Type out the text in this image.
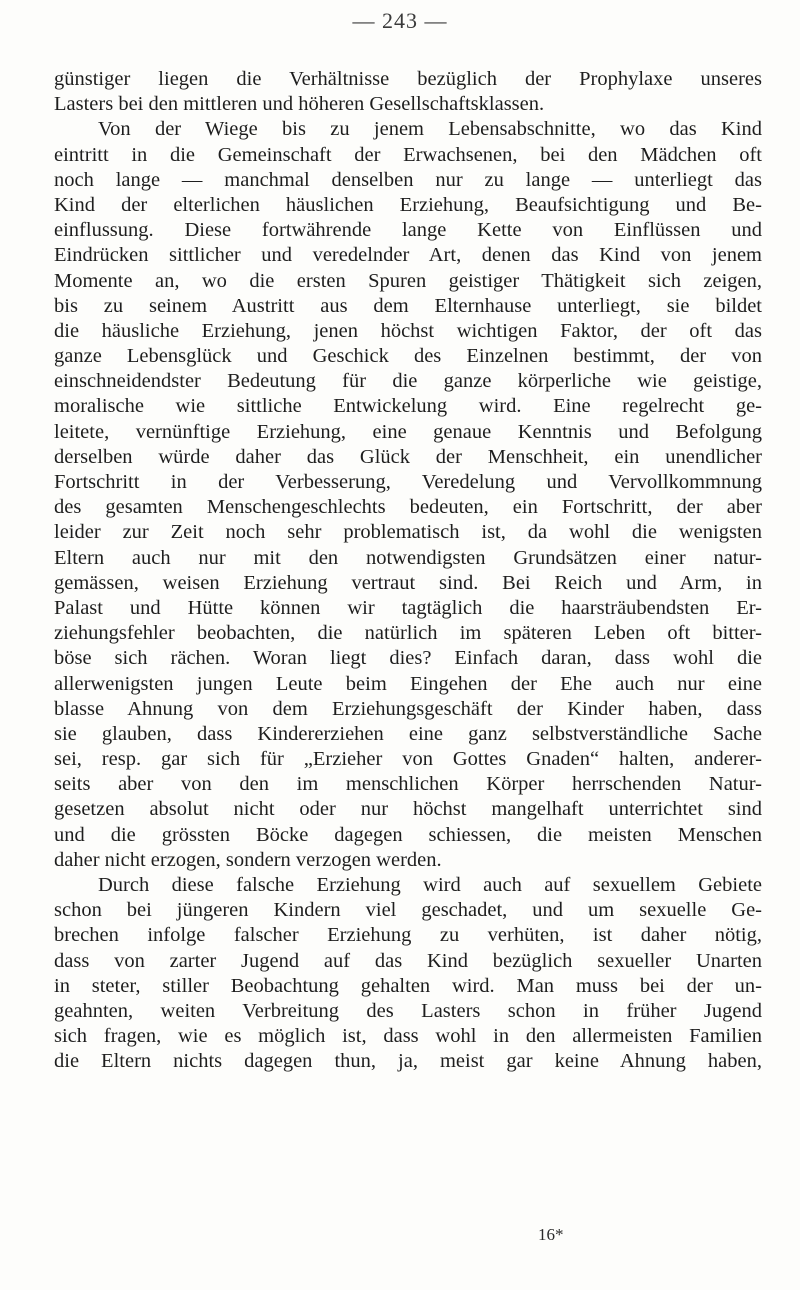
— 243 —
günstiger liegen die Verhältnisse bezüglich der Prophylaxe unseres
Lasters bei den mittleren und höheren Gesellschaftsklassen.
Von der Wiege bis zu jenem Lebensabschnitte, wo das Kind
eintritt in die Gemeinschaft der Erwachsenen, bei den Mädchen oft
noch lange — manchmal denselben nur zu lange — unterliegt das
Kind der elterlichen häuslichen Erziehung, Beaufsichtigung und Be-
einflussung. Diese fortwährende lange Kette von Einflüssen und
Eindrücken sittlicher und veredelnder Art, denen das Kind von jenem
Momente an, wo die ersten Spuren geistiger Thätigkeit sich zeigen,
bis zu seinem Austritt aus dem Elternhause unterliegt, sie bildet
die häusliche Erziehung, jenen höchst wichtigen Faktor, der oft das
ganze Lebensglück und Geschick des Einzelnen bestimmt, der von
einschneidendster Bedeutung für die ganze körperliche wie geistige,
moralische wie sittliche Entwickelung wird. Eine regelrecht ge-
leitete, vernünftige Erziehung, eine genaue Kenntnis und Befolgung
derselben würde daher das Glück der Menschheit, ein unendlicher
Fortschritt in der Verbesserung, Veredelung und Vervollkommnung
des gesamten Menschengeschlechts bedeuten, ein Fortschritt, der aber
leider zur Zeit noch sehr problematisch ist, da wohl die wenigsten
Eltern auch nur mit den notwendigsten Grundsätzen einer natur-
gemässen, weisen Erziehung vertraut sind. Bei Reich und Arm, in
Palast und Hütte können wir tagtäglich die haarsträubendsten Er-
ziehungsfehler beobachten, die natürlich im späteren Leben oft bitter-
böse sich rächen. Woran liegt dies? Einfach daran, dass wohl die
allerwenigsten jungen Leute beim Eingehen der Ehe auch nur eine
blasse Ahnung von dem Erziehungsgeschäft der Kinder haben, dass
sie glauben, dass Kindererziehen eine ganz selbstverständliche Sache
sei, resp. gar sich für „Erzieher von Gottes Gnaden“ halten, anderer-
seits aber von den im menschlichen Körper herrschenden Natur-
gesetzen absolut nicht oder nur höchst mangelhaft unterrichtet sind
und die grössten Böcke dagegen schiessen, die meisten Menschen
daher nicht erzogen, sondern verzogen werden.
Durch diese falsche Erziehung wird auch auf sexuellem Gebiete
schon bei jüngeren Kindern viel geschadet, und um sexuelle Ge-
brechen infolge falscher Erziehung zu verhüten, ist daher nötig,
dass von zarter Jugend auf das Kind bezüglich sexueller Unarten
in steter, stiller Beobachtung gehalten wird. Man muss bei der un-
geahnten, weiten Verbreitung des Lasters schon in früher Jugend
sich fragen, wie es möglich ist, dass wohl in den allermeisten Familien
die Eltern nichts dagegen thun, ja, meist gar keine Ahnung haben,
16*
